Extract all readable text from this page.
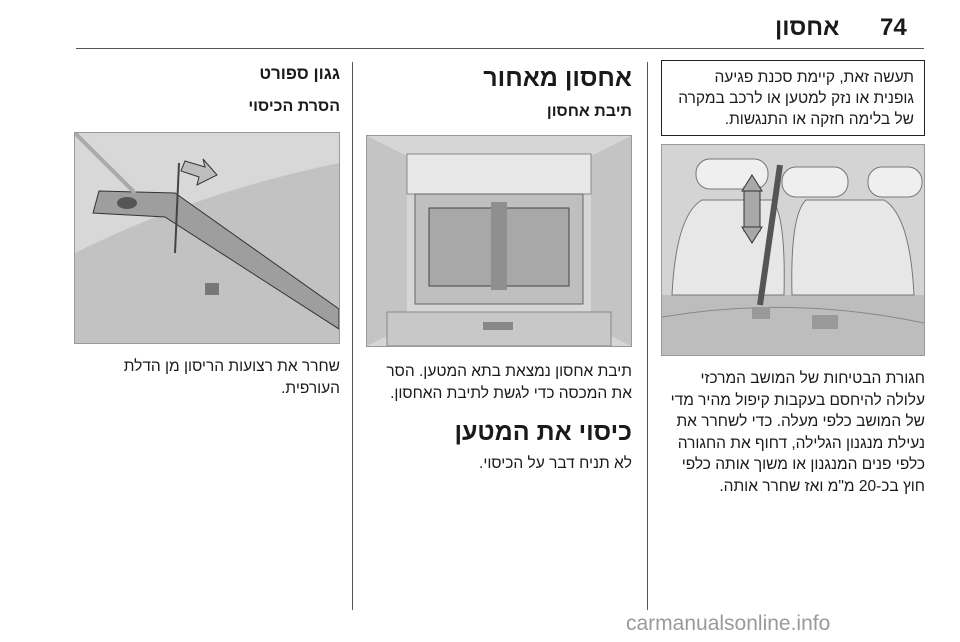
74
אחסון
תעשה זאת, קיימת סכנת פגיעה גופנית או נזק למטען או לרכב במקרה של בלימה חזקה או התנגשות.
חגורת הבטיחות של המושב המרכזי עלולה להיחסם בעקבות קיפול מהיר מדי של המושב כלפי מעלה. כדי לשחרר את נעילת מנגנון הגלילה, דחוף את החגורה כלפי פנים המנגנון או משוך אותה כלפי חוץ בכ-20 מ"מ ואז שחרר אותה.
אחסון מאחור
תיבת אחסון
תיבת אחסון נמצאת בתא המטען. הסר את המכסה כדי לגשת לתיבת האחסון.
כיסוי את המטען
לא תניח דבר על הכיסוי.
גגון ספורט
הסרת הכיסוי
שחרר את רצועות הריסון מן הדלת העורפית.
carmanualsonline.info
